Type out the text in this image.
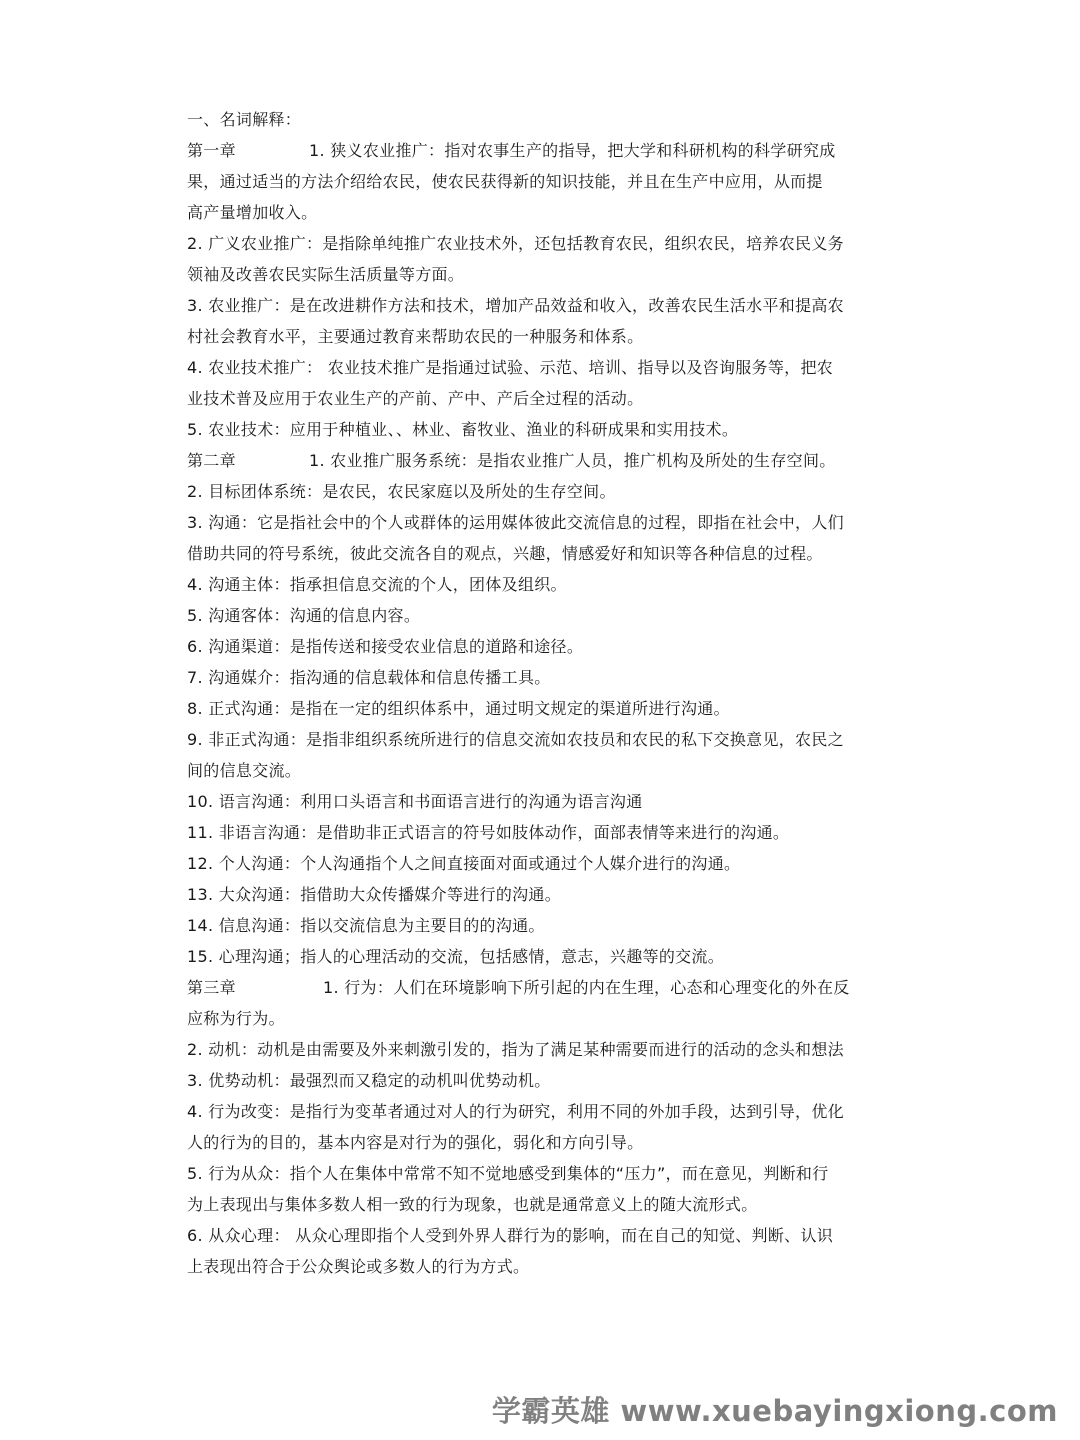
一、名词解释：
第一章	1. 狭义农业推广：指对农事生产的指导，把大学和科研机构的科学研究成
果，通过适当的方法介绍给农民，使农民获得新的知识技能，并且在生产中应用，从而提
高产量增加收入。
2. 广义农业推广：是指除单纯推广农业技术外，还包括教育农民，组织农民，培养农民义务
领袖及改善农民实际生活质量等方面。
3. 农业推广：是在改进耕作方法和技术，增加产品效益和收入，改善农民生活水平和提高农
村社会教育水平，主要通过教育来帮助农民的一种服务和体系。
4. 农业技术推广： 农业技术推广是指通过试验、示范、培训、指导以及咨询服务等，把农
业技术普及应用于农业生产的产前、产中、产后全过程的活动。
5. 农业技术：应用于种植业、、林业、畜牧业、渔业的科研成果和实用技术。
第二章	1. 农业推广服务系统：是指农业推广人员，推广机构及所处的生存空间。
2. 目标团体系统：是农民，农民家庭以及所处的生存空间。
3. 沟通：它是指社会中的个人或群体的运用媒体彼此交流信息的过程，即指在社会中，人们
借助共同的符号系统，彼此交流各自的观点，兴趣，情感爱好和知识等各种信息的过程。
4. 沟通主体：指承担信息交流的个人，团体及组织。
5. 沟通客体：沟通的信息内容。
6. 沟通渠道：是指传送和接受农业信息的道路和途径。
7. 沟通媒介：指沟通的信息载体和信息传播工具。
8. 正式沟通：是指在一定的组织体系中，通过明文规定的渠道所进行沟通。
9. 非正式沟通：是指非组织系统所进行的信息交流如农技员和农民的私下交换意见，农民之
间的信息交流。
10. 语言沟通：利用口头语言和书面语言进行的沟通为语言沟通
11. 非语言沟通：是借助非正式语言的符号如肢体动作，面部表情等来进行的沟通。
12. 个人沟通：个人沟通指个人之间直接面对面或通过个人媒介进行的沟通。
13. 大众沟通：指借助大众传播媒介等进行的沟通。
14. 信息沟通：指以交流信息为主要目的的沟通。
15. 心理沟通；指人的心理活动的交流，包括感情，意志，兴趣等的交流。
第三章	1. 行为：人们在环境影响下所引起的内在生理，心态和心理变化的外在反
应称为行为。
2. 动机：动机是由需要及外来刺激引发的，指为了满足某种需要而进行的活动的念头和想法
3. 优势动机：最强烈而又稳定的动机叫优势动机。
4. 行为改变：是指行为变革者通过对人的行为研究，利用不同的外加手段，达到引导，优化
人的行为的目的，基本内容是对行为的强化，弱化和方向引导。
5. 行为从众：指个人在集体中常常不知不觉地感受到集体的“压力”，而在意见，判断和行
为上表现出与集体多数人相一致的行为现象，也就是通常意义上的随大流形式。
6. 从众心理： 从众心理即指个人受到外界人群行为的影响，而在自己的知觉、判断、认识
上表现出符合于公众舆论或多数人的行为方式。
学霸英雄 www.xuebayingxiong.com
